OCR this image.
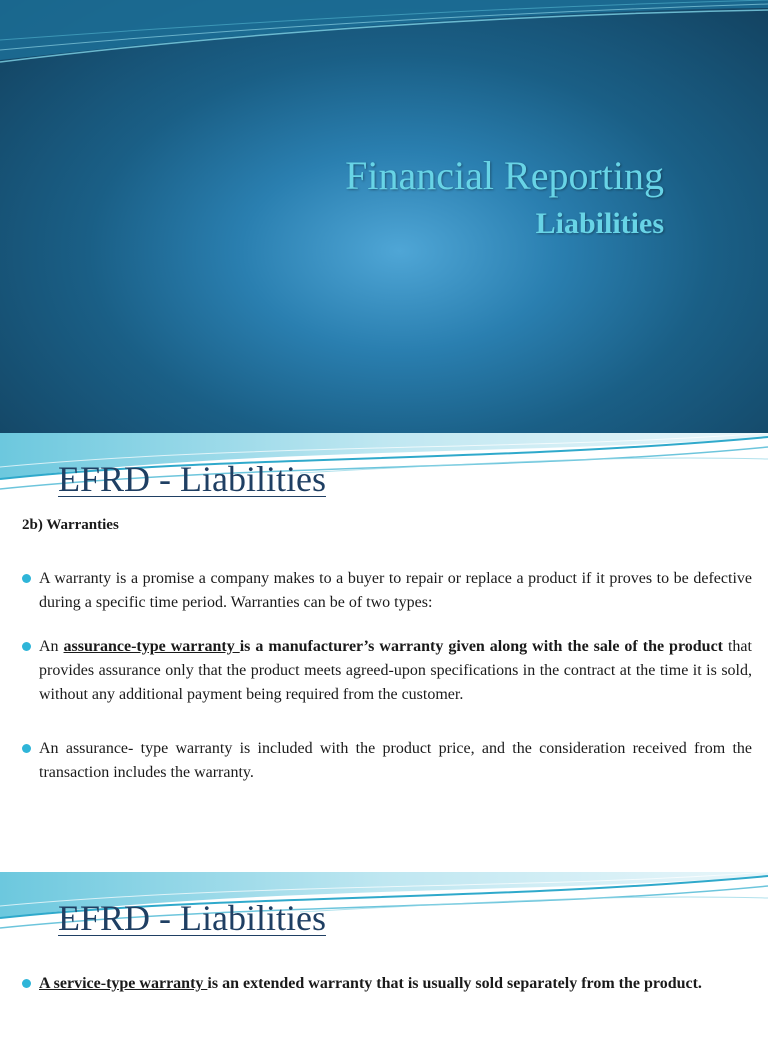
Financial Reporting
Liabilities
EFRD - Liabilities
2b) Warranties
A warranty is a promise a company makes to a buyer to repair or replace a product if it proves to be defective during a specific time period. Warranties can be of two types:
An assurance-type warranty is a manufacturer’s warranty given along with the sale of the product that provides assurance only that the product meets agreed-upon specifications in the contract at the time it is sold, without any additional payment being required from the customer.
An assurance- type warranty is included with the product price, and the consideration received from the transaction includes the warranty.
EFRD - Liabilities
A service-type warranty is an extended warranty that is usually sold separately from the product.
